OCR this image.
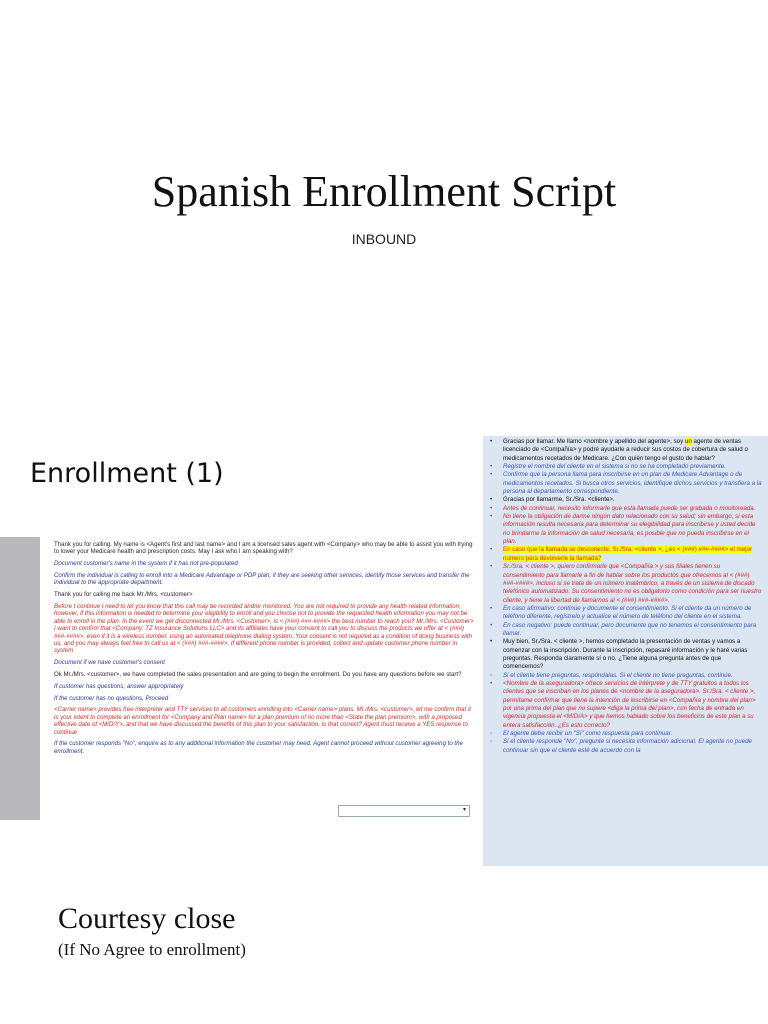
Spanish Enrollment Script
INBOUND
Enrollment (1)

Thank you for calling. My name is <Agent's first and last name> and I am a licensed sales agent with <Company> who may be able to assist you with trying to lower your Medicare health and prescription costs. May I ask who I am speaking with?

Document customer's name in the system if it has not pre-populated

Confirm the individual is calling to enroll into a Medicare Advantage or PDP plan, if they are seeking other services, identify those services and transfer the individual to the appropriate department.

Thank you for calling me back Mr./Mrs. <customer>

Before I continue I need to let you know that this call may be recorded and/or monitored. You are not required to provide any health related information; however, if this information is needed to determine your eligibility to enroll and you choose not to provide the requested health information you may not be able to enroll in the plan. In the event we get disconnected Mr./Mrs. <Customer>, is < (###) ###-####> the best number to reach you? Mr./Mrs. <Customer> I want to confirm that <Company: TZ Insurance Solutions LLC> and its affiliates have your consent to call you to discuss the products we offer at < (###) ###-####>, even if it is a wireless number, using an automated telephone dialing system. Your consent is not required as a condition of doing business with us, and you may always feel free to call us at < (###) ###-####>. If different phone number is provided, collect and update customer phone number in system

Document if we have customer's consent

Ok Mr./Mrs. <customer>, we have completed the sales presentation and are going to begin the enrollment. Do you have any questions before we start?

If customer has questions, answer appropriately

If the customer has no questions, Proceed

<Carrier name> provides free interpreter and TTY services to all customers enrolling into <Carrier name> plans. Mr./Mrs. <customer>, let me confirm that it is your intent to complete an enrollment for <Company and Plan name> for a plan premium of no more than <State the plan premium>, with a proposed effective date of <M/D/Y>, and that we have discussed the benefits of this plan to your satisfaction. Is that correct? Agent must receive a YES response to continue

If the customer responds "No", enquire as to any additional information the customer may need. Agent cannot proceed without customer agreeing to the enrollment.

▾
• Gracias por llamar. Me llamo <nombre y apellido del agente>, soy un agente de ventas licenciado de <Compañía> y podré ayudarle a reducir sus costos de cobertura de salud o medicamentos recetados de Medicare. ¿Con quién tengo el gusto de hablar?
• Registre el nombre del cliente en el sistema si no se ha completado previamente.
• Confirme que la persona llama para inscribirse en un plan de Medicare Advantage o de medicamentos recetados. Si busca otros servicios, identifique dichos servicios y transfiera a la persona al departamento correspondiente.
• Gracias por llamarme, Sr./Sra. <cliente>.
• Antes de continuar, necesito informarle que esta llamada puede ser grabada o monitoreada.
• No tiene la obligación de darme ningún dato relacionado con su salud; sin embargo, si esta información resulta necesaria para determinar su elegibilidad para inscribirse y usted decide no brindarme la información de salud necesaria, es posible que no pueda inscribirse en el plan.
• En caso que la llamada se desconecte, Sr./Sra. <cliente >, ¿es < (###) ###-####> el mejor número para devolverle la llamada?
• Sr./Sra. < cliente >, quiero confirmarle que <Compañía > y sus filiales tienen su consentimiento para llamarle a fin de hablar sobre los productos que ofrecemos al < (###) ###-####>, incluso si se trata de un número inalámbrico, a través de un sistema de discado telefónico automatizado. Su consentimiento no es obligatorio como condición para ser nuestro cliente, y tiene la libertad de llamarnos al < (###) ###-####>.
• En caso afirmativo: continúe y documente el consentimiento. Si el cliente da un número de teléfono diferente, regístrelo y actualice el número de teléfono del cliente en el sistema.
• En caso negativo: puede continuar, pero documente que no tenemos el consentimiento para llamar.
• Muy bien, Sr./Sra. < cliente >, hemos completado la presentación de ventas y vamos a comenzar con la inscripción. Durante la inscripción, repasaré información y le haré varias preguntas. Responda claramente sí o no. ¿Tiene alguna pregunta antes de que comencemos?
◦ Si el cliente tiene preguntas, respóndalas. Si el cliente no tiene preguntas, continúe.
• <Nombre de la aseguradora> ofrece servicios de intérprete y de TTY gratuitos a todos los clientes que se inscriban en los planes de <nombre de la aseguradora>. Sr./Sra. < cliente >, permítame confirmar que tiene la intención de inscribirse en <Compañía y nombre del plan> por una prima del plan que no supere <diga la prima del plan>, con fecha de entrada en vigencia propuesta el <M/D/A> y que hemos hablado sobre los beneficios de este plan a su entera satisfacción. ¿Es esto correcto?
◦ El agente debe recibir un "Sí" como respuesta para continuar.
◦ Si el cliente responde "No", pregunte si necesita información adicional. El agente no puede continuar sin que el cliente esté de acuerdo con la
Courtesy close
(If No Agree to enrollment)
